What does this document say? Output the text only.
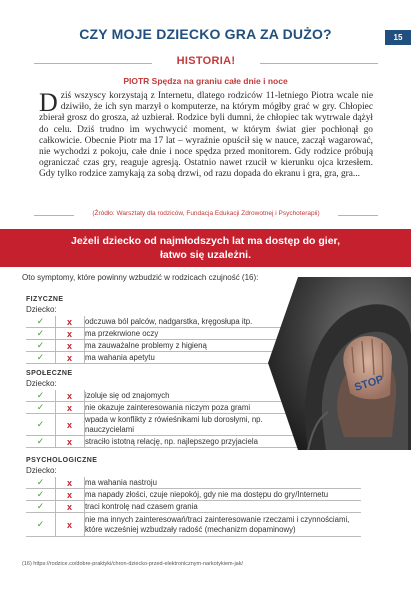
CZY MOJE DZIECKO GRA ZA DUŻO?	15
HISTORIA!
PIOTR Spędza na graniu całe dnie i noce
D ziś wszyscy korzystają z Internetu, dlatego rodziców 11-letniego Piotra wcale nie dziwiło, że ich syn marzył o komputerze, na którym mógłby grać w gry. Chłopiec zbierał grosz do grosza, aż uzbierał. Rodzice byli dumni, że chłopiec tak wytrwale dążył do celu. Dziś trudno im wychwycić moment, w którym świat gier pochłonął go całkowicie. Obecnie Piotr ma 17 lat – wyraźnie opuścił się w nauce, zaczął wagarować, nie wychodzi z pokoju, całe dnie i noce spędza przed monitorem. Gdy rodzice próbują ograniczać czas gry, reaguje agresją. Ostatnio nawet rzucił w kierunku ojca krzesłem. Gdy tylko rodzice zamykają za sobą drzwi, od razu dopada do ekranu i gra, gra, gra...
(Źródło: Warsztaty dla rodziców, Fundacja Edukacji Zdrowotnej i Psychoterapii)
Jeżeli dziecko od najmłodszych lat ma dostęp do gier,
łatwo się uzależni.
Oto symptomy, które powinny wzbudzić w rodzicach czujność (16):
FIZYCZNE
Dziecko:
✓	x	odczuwa ból palców, nadgarstka, kręgosłupa itp.
✓	x	ma przekrwione oczy
✓	x	ma zauważalne problemy z higieną
✓	x	ma wahania apetytu
SPOŁECZNE
Dziecko:
✓	x	izoluje się od znajomych
✓	x	nie okazuje zainteresowania niczym poza grami
✓	x
wpada w konflikty z rówieśnikami lub dorosłymi, np. nauczycielami
✓	x	straciło istotną relację, np. najlepszego przyjaciela
PSYCHOLOGICZNE
Dziecko:
✓	x	ma wahania nastroju
✓	x	ma napady złości, czuje niepokój, gdy nie ma dostępu do gry/Internetu
✓	x	traci kontrolę nad czasem grania
✓	x
nie ma innych zainteresowań/traci zainteresowanie rzeczami i czynnościami, które wcześniej wzbudzały radość (mechanizm dopaminowy)
STOP
(16) https://rodzice.co/dobre-praktyki/chron-dziecko-przed-elektronicznym-narkotykiem-jak/
